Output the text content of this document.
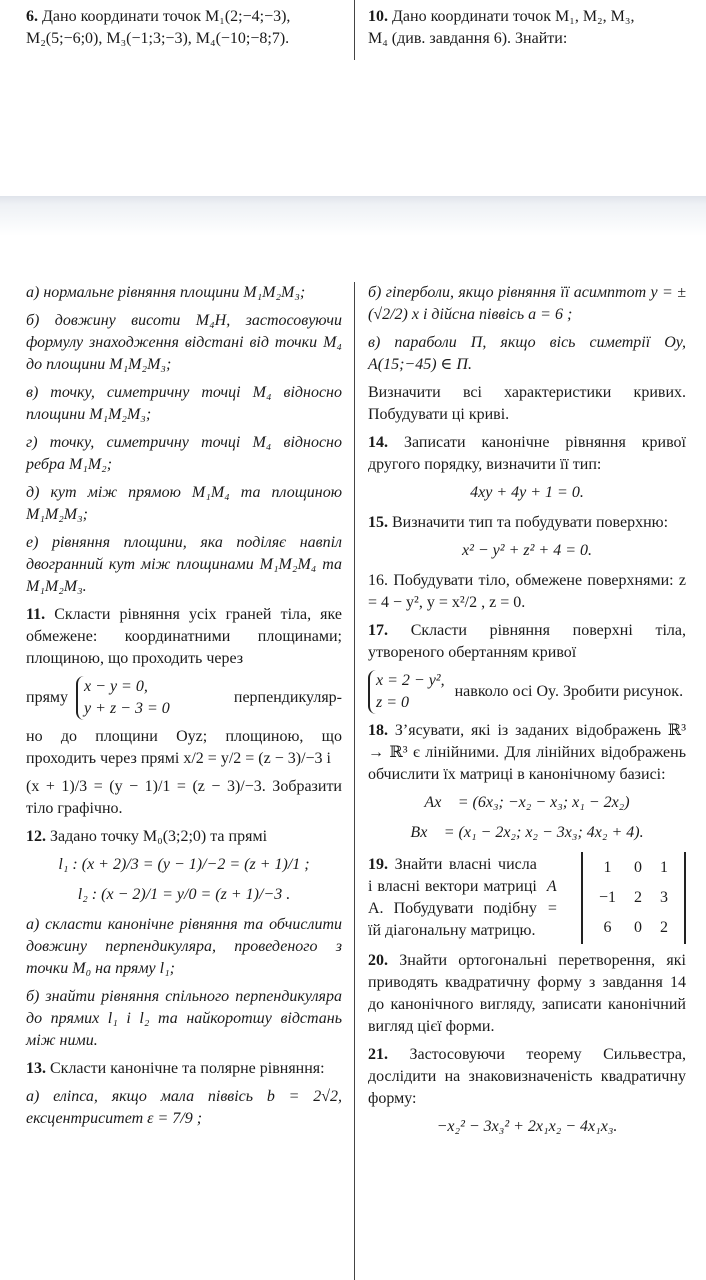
6. Дано координати точок M₁(2;−4;−3),
M₂(5;−6;0), M₃(−1;3;−3), M₄(−10;−8;7).

10. Дано координати точок M₁, M₂, M₃,
M₄ (див. завдання 6). Знайти:

а) нормальне рівняння площини M₁M₂M₃;

б) довжину висоти M₄H, застосовуючи формулу знаходження відстані від точки M₄ до площини M₁M₂M₃;

в) точку, симетричну точці M₄ відносно площини M₁M₂M₃;

г) точку, симетричну точці M₄ відносно ребра M₁M₂;

д) кут між прямою M₁M₄ та площиною M₁M₂M₃;

е) рівняння площини, яка поділяє навпіл двогранний кут між площинами M₁M₂M₄ та M₁M₂M₃.

11. Скласти рівняння усіх граней тіла, яке обмежене: координатними площинами; площиною, що проходить через

пряму
x − y = 0,
y + z − 3 = 0
перпендикуляр-

но до площини Oyz; площиною, що проходить через прямі x/2 = y/2 = (z − 3)/−3 і

(x + 1)/3 = (y − 1)/1 = (z − 3)/−3. Зобразити тіло графічно.

12. Задано точку M₀(3;2;0) та прямі

l₁ : (x + 2)/3 = (y − 1)/−2 = (z + 1)/1 ;
l₂ : (x − 2)/1 = y/0 = (z + 1)/−3 .

а) скласти канонічне рівняння та обчислити довжину перпендикуляра, проведеного з точки M₀ на пряму l₁;

б) знайти рівняння спільного перпендикуляра до прямих l₁ і l₂ та найкоротшу відстань між ними.

13. Скласти канонічне та полярне рівняння:

а) еліпса, якщо мала піввісь b = 2√2, ексцентриситет ε = 7/9 ;

б) гіперболи, якщо рівняння її асимптот y = ±(√2/2) x і дійсна піввісь a = 6 ;

в) параболи Π, якщо вісь симетрії Oy, A(15;−45) ∈ Π.

Визначити всі характеристики кривих. Побудувати ці криві.

14. Записати канонічне рівняння кривої другого порядку, визначити її тип:

4xy + 4y + 1 = 0.

15. Визначити тип та побудувати поверхню:

x² − y² + z² + 4 = 0.

16. Побудувати тіло, обмежене поверхнями: z = 4 − y², y = x²/2 , z = 0.

17. Скласти рівняння поверхні тіла, утвореного обертанням кривої

x = 2 − y²,
z = 0
навколо осі Oy. Зробити рисунок.

18. З’ясувати, які із заданих відображень ℝ³ → ℝ³ є лінійними. Для лінійних відображень обчислити їх матриці в канонічному базисі:

Ax⃗ = (6x₃; −x₂ − x₃; x₁ − 2x₂)
Bx⃗ = (x₁ − 2x₂; x₂ − 3x₃; 4x₂ + 4).
19. Знайти власні числа і власні вектори матриці A. Побудувати подібну їй діагональну матрицю.
A =
1	0	1
−1	2	3
6	0	2

20. Знайти ортогональні перетворення, які приводять квадратичну форму з завдання 14 до канонічного вигляду, записати канонічний вигляд цієї форми.

21. Застосовуючи теорему Сильвестра, дослідити на знаковизначеність квадратичну форму:

−x₂² − 3x₃² + 2x₁x₂ − 4x₁x₃.
